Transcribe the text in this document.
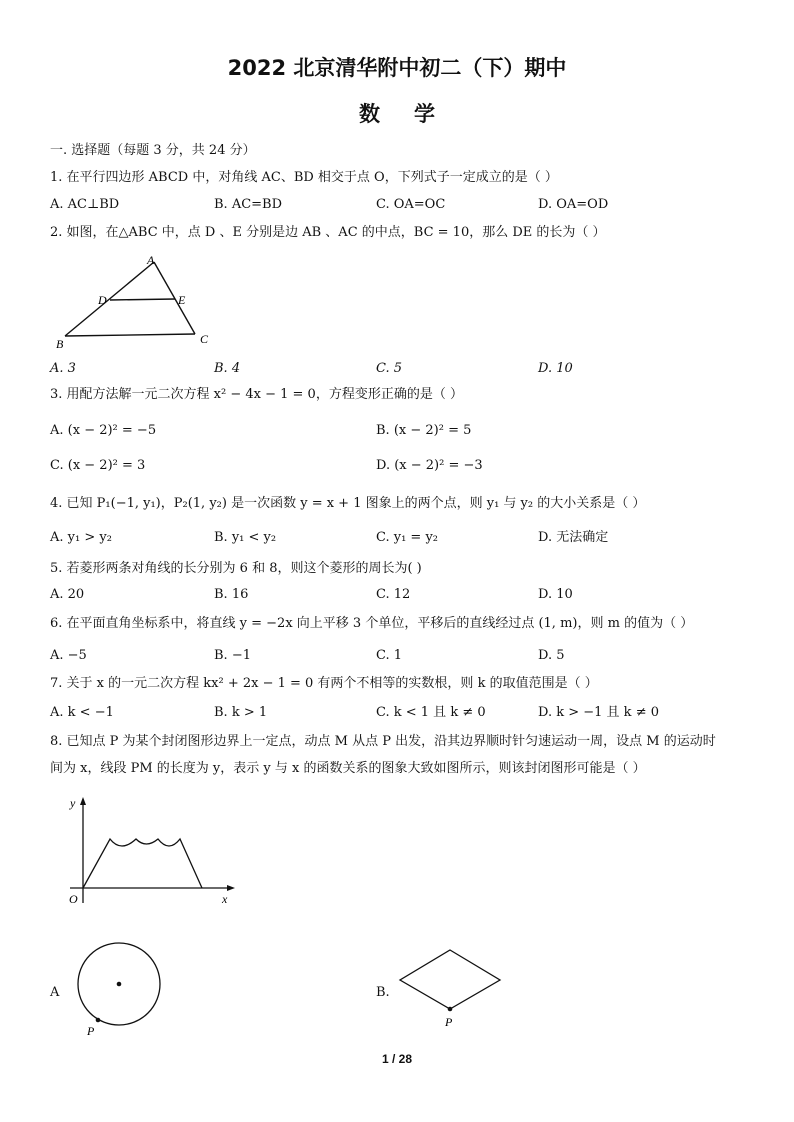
2022 北京清华附中初二（下）期中
数学
一. 选择题（每题 3 分，共 24 分）
1. 在平行四边形 ABCD 中，对角线 AC、BD 相交于点 O，下列式子一定成立的是（ ）
A. AC⊥BD	B. AC=BD	C. OA=OC	D. OA=OD
2. 如图，在△ABC 中，点 D 、E 分别是边 AB 、AC 的中点，BC = 10，那么 DE 的长为（ ）
A
D	E
B	C
A. 3	B. 4	C. 5	D. 10
3. 用配方法解一元二次方程 x² − 4x − 1 = 0，方程变形正确的是（ ）
A. (x − 2)² = −5	B. (x − 2)² = 5
C. (x − 2)² = 3	D. (x − 2)² = −3
4. 已知 P₁(−1, y₁)，P₂(1, y₂) 是一次函数 y = x + 1 图象上的两个点，则 y₁ 与 y₂ 的大小关系是（ ）
A. y₁ > y₂	B. y₁ < y₂	C. y₁ = y₂	D. 无法确定
5. 若菱形两条对角线的长分别为 6 和 8，则这个菱形的周长为( )
A. 20	B. 16	C. 12	D. 10
6. 在平面直角坐标系中，将直线 y = −2x 向上平移 3 个单位，平移后的直线经过点 (1, m)，则 m 的值为（ ）
A. −5	B. −1	C. 1	D. 5
7. 关于 x 的一元二次方程 kx² + 2x − 1 = 0 有两个不相等的实数根，则 k 的取值范围是（ ）
A. k < −1	B. k > 1	C. k < 1 且 k ≠ 0	D. k > −1 且 k ≠ 0
8. 已知点 P 为某个封闭图形边界上一定点，动点 M 从点 P 出发，沿其边界顺时针匀速运动一周，设点 M 的运动时
间为 x，线段 PM 的长度为 y，表示 y 与 x 的函数关系的图象大致如图所示，则该封闭图形可能是（ ）
y
O	x
A
P
B.
P
1 / 28
